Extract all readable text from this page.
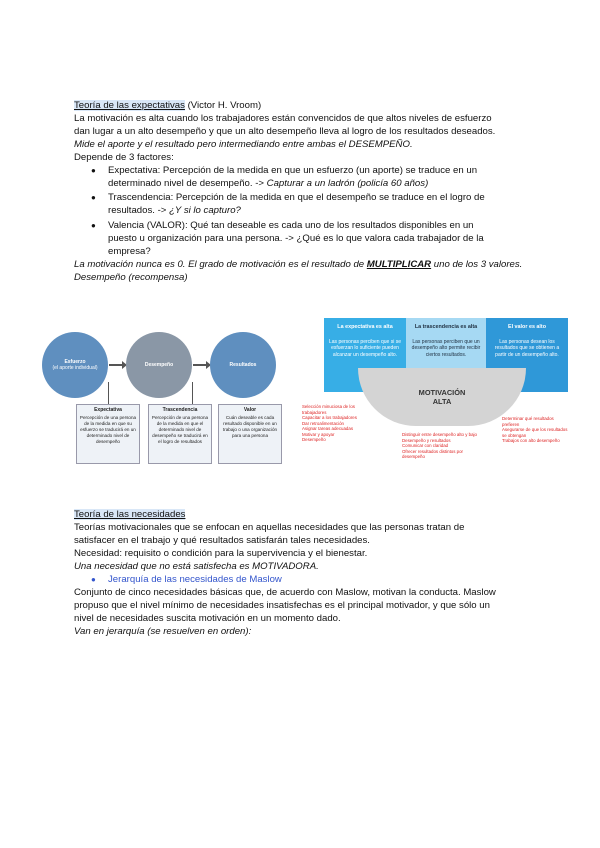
Teoría de las expectativas (Victor H. Vroom)
La motivación es alta cuando los trabajadores están convencidos de que altos niveles de esfuerzo
dan lugar a un alto desempeño y que un alto desempeño lleva al logro de los resultados deseados.
Mide el aporte y el resultado pero intermediando entre ambas el DESEMPEÑO.
Depende de 3 factores:
● Expectativa: Percepción de la medida en que un esfuerzo (un aporte) se traduce en un
determinado nivel de desempeño. -> Capturar a un ladrón (policía 60 años)
● Trascendencia: Percepción de la medida en que el desempeño se traduce en el logro de
resultados. -> ¿Y si lo capturo?
● Valencia (VALOR): Qué tan deseable es cada uno de los resultados disponibles en un
puesto u organización para una persona. -> ¿Qué es lo que valora cada trabajador de la
empresa?
La motivación nunca es 0. El grado de motivación es el resultado de MULTIPLICAR uno de los 3 valores.
Desempeño (recompensa)
Esfuerzo
(el aporte individual)	Desempeño	Resultados
Expectativa
Percepción de una persona de la medida en que su esfuerzo se traducirá en un determinado nivel de desempeño
Trascendencia
Percepción de una persona de la medida en que el determinado nivel de desempeño se traducirá en el logro de resultados
Valor
Cuán deseable es cada resultado disponible en un trabajo o una organización para una persona
La expectativa es alta
Las personas perciben que si se esfuerzan lo suficiente pueden alcanzar un desempeño alto.
La trascendencia es alta
Las personas perciben que un desempeño alto permite recibir ciertos resultados.
El valor es alto
Las personas desean los resultados que se obtienen a partir de un desempeño alto.
MOTIVACIÓN
ALTA
Selección minuciosa de los trabajadores
Capacitar a los trabajadores
Dar retroalimentación
Asignar tareas adecuadas
Motivar y apoyar
Desempeño
Distinguir entre desempeño alto y bajo
Desempeño y resultados
Comunicar con claridad
Ofrecer resultados distintos por desempeño
Determinar qué resultados prefieren
Asegurarse de que los resultados se obtengan
Trabajos con alto desempeño
Teoría de las necesidades
Teorías motivacionales que se enfocan en aquellas necesidades que las personas tratan de
satisfacer en el trabajo y qué resultados satisfarán tales necesidades.
Necesidad: requisito o condición para la supervivencia y el bienestar.
Una necesidad que no está satisfecha es MOTIVADORA.
● Jerarquía de las necesidades de Maslow
Conjunto de cinco necesidades básicas que, de acuerdo con Maslow, motivan la conducta. Maslow
propuso que el nivel mínimo de necesidades insatisfechas es el principal motivador, y que sólo un
nivel de necesidades suscita motivación en un momento dado.
Van en jerarquía (se resuelven en orden):
